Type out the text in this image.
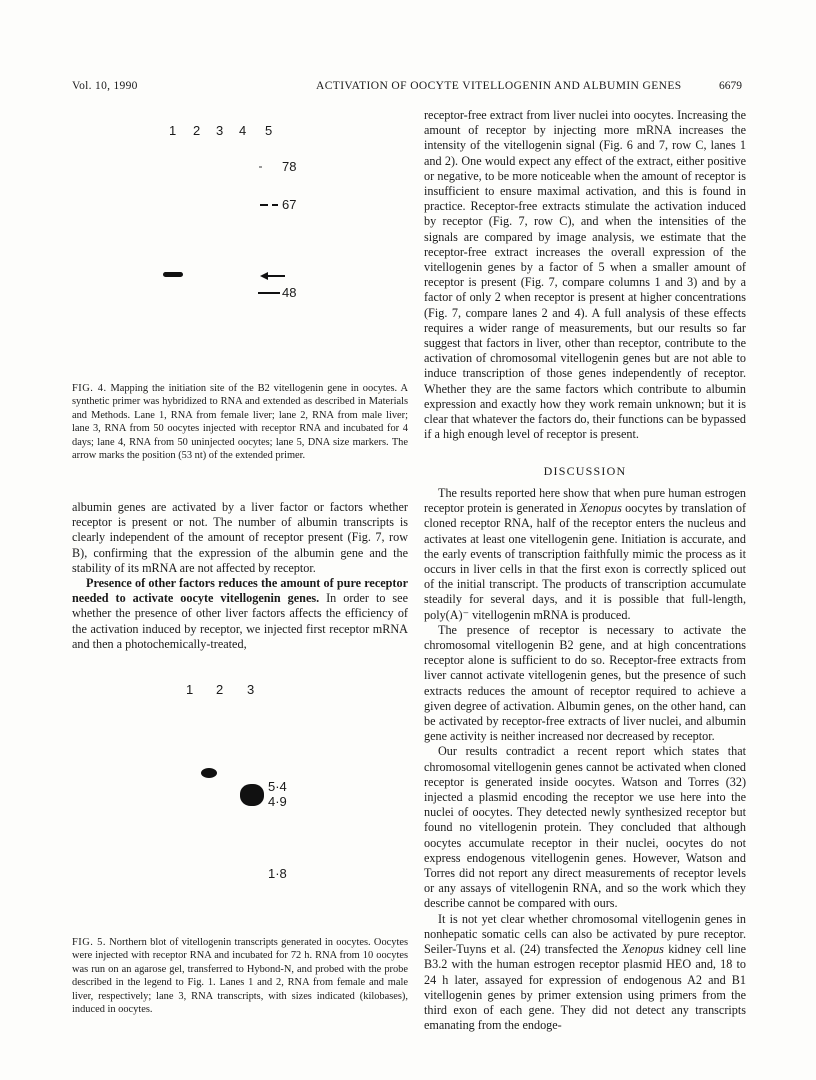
Vol. 10, 1990	ACTIVATION OF OOCYTE VITELLOGENIN AND ALBUMIN GENES	6679
1 2 3 4 5
78
67
48
FIG. 4. Mapping the initiation site of the B2 vitellogenin gene in oocytes. A synthetic primer was hybridized to RNA and extended as described in Materials and Methods. Lane 1, RNA from female liver; lane 2, RNA from male liver; lane 3, RNA from 50 oocytes injected with receptor RNA and incubated for 4 days; lane 4, RNA from 50 uninjected oocytes; lane 5, DNA size markers. The arrow marks the position (53 nt) of the extended primer.

albumin genes are activated by a liver factor or factors whether receptor is present or not. The number of albumin transcripts is clearly independent of the amount of receptor present (Fig. 7, row B), confirming that the expression of the albumin gene and the stability of its mRNA are not affected by receptor.

Presence of other factors reduces the amount of pure receptor needed to activate oocyte vitellogenin genes. In order to see whether the presence of other liver factors affects the efficiency of the activation induced by receptor, we injected first receptor mRNA and then a photochemically-treated,

1 2 3
5·4
4·9
1·8
FIG. 5. Northern blot of vitellogenin transcripts generated in oocytes. Oocytes were injected with receptor RNA and incubated for 72 h. RNA from 10 oocytes was run on an agarose gel, transferred to Hybond-N, and probed with the probe described in the legend to Fig. 1. Lanes 1 and 2, RNA from female and male liver, respectively; lane 3, RNA transcripts, with sizes indicated (kilobases), induced in oocytes.

receptor-free extract from liver nuclei into oocytes. Increasing the amount of receptor by injecting more mRNA increases the intensity of the vitellogenin signal (Fig. 6 and 7, row C, lanes 1 and 2). One would expect any effect of the extract, either positive or negative, to be more noticeable when the amount of receptor is insufficient to ensure maximal activation, and this is found in practice. Receptor-free extracts stimulate the activation induced by receptor (Fig. 7, row C), and when the intensities of the signals are compared by image analysis, we estimate that the receptor-free extract increases the overall expression of the vitellogenin genes by a factor of 5 when a smaller amount of receptor is present (Fig. 7, compare columns 1 and 3) and by a factor of only 2 when receptor is present at higher concentrations (Fig. 7, compare lanes 2 and 4). A full analysis of these effects requires a wider range of measurements, but our results so far suggest that factors in liver, other than receptor, contribute to the activation of chromosomal vitellogenin genes but are not able to induce transcription of those genes independently of receptor. Whether they are the same factors which contribute to albumin expression and exactly how they work remain unknown; but it is clear that whatever the factors do, their functions can be bypassed if a high enough level of receptor is present.

DISCUSSION

The results reported here show that when pure human estrogen receptor protein is generated in Xenopus oocytes by translation of cloned receptor RNA, half of the receptor enters the nucleus and activates at least one vitellogenin gene. Initiation is accurate, and the early events of transcription faithfully mimic the process as it occurs in liver cells in that the first exon is correctly spliced out of the initial transcript. The products of transcription accumulate steadily for several days, and it is possible that full-length, poly(A)⁻ vitellogenin mRNA is produced.

The presence of receptor is necessary to activate the chromosomal vitellogenin B2 gene, and at high concentrations receptor alone is sufficient to do so. Receptor-free extracts from liver cannot activate vitellogenin genes, but the presence of such extracts reduces the amount of receptor required to achieve a given degree of activation. Albumin genes, on the other hand, can be activated by receptor-free extracts of liver nuclei, and albumin gene activity is neither increased nor decreased by receptor.

Our results contradict a recent report which states that chromosomal vitellogenin genes cannot be activated when cloned receptor is generated inside oocytes. Watson and Torres (32) injected a plasmid encoding the receptor we use here into the nuclei of oocytes. They detected newly synthesized receptor but found no vitellogenin protein. They concluded that although oocytes accumulate receptor in their nuclei, oocytes do not express endogenous vitellogenin genes. However, Watson and Torres did not report any direct measurements of receptor levels or any assays of vitellogenin RNA, and so the work which they describe cannot be compared with ours.

It is not yet clear whether chromosomal vitellogenin genes in nonhepatic somatic cells can also be activated by pure receptor. Seiler-Tuyns et al. (24) transfected the Xenopus kidney cell line B3.2 with the human estrogen receptor plasmid HEO and, 18 to 24 h later, assayed for expression of endogenous A2 and B1 vitellogenin genes by primer extension using primers from the third exon of each gene. They did not detect any transcripts emanating from the endoge-
